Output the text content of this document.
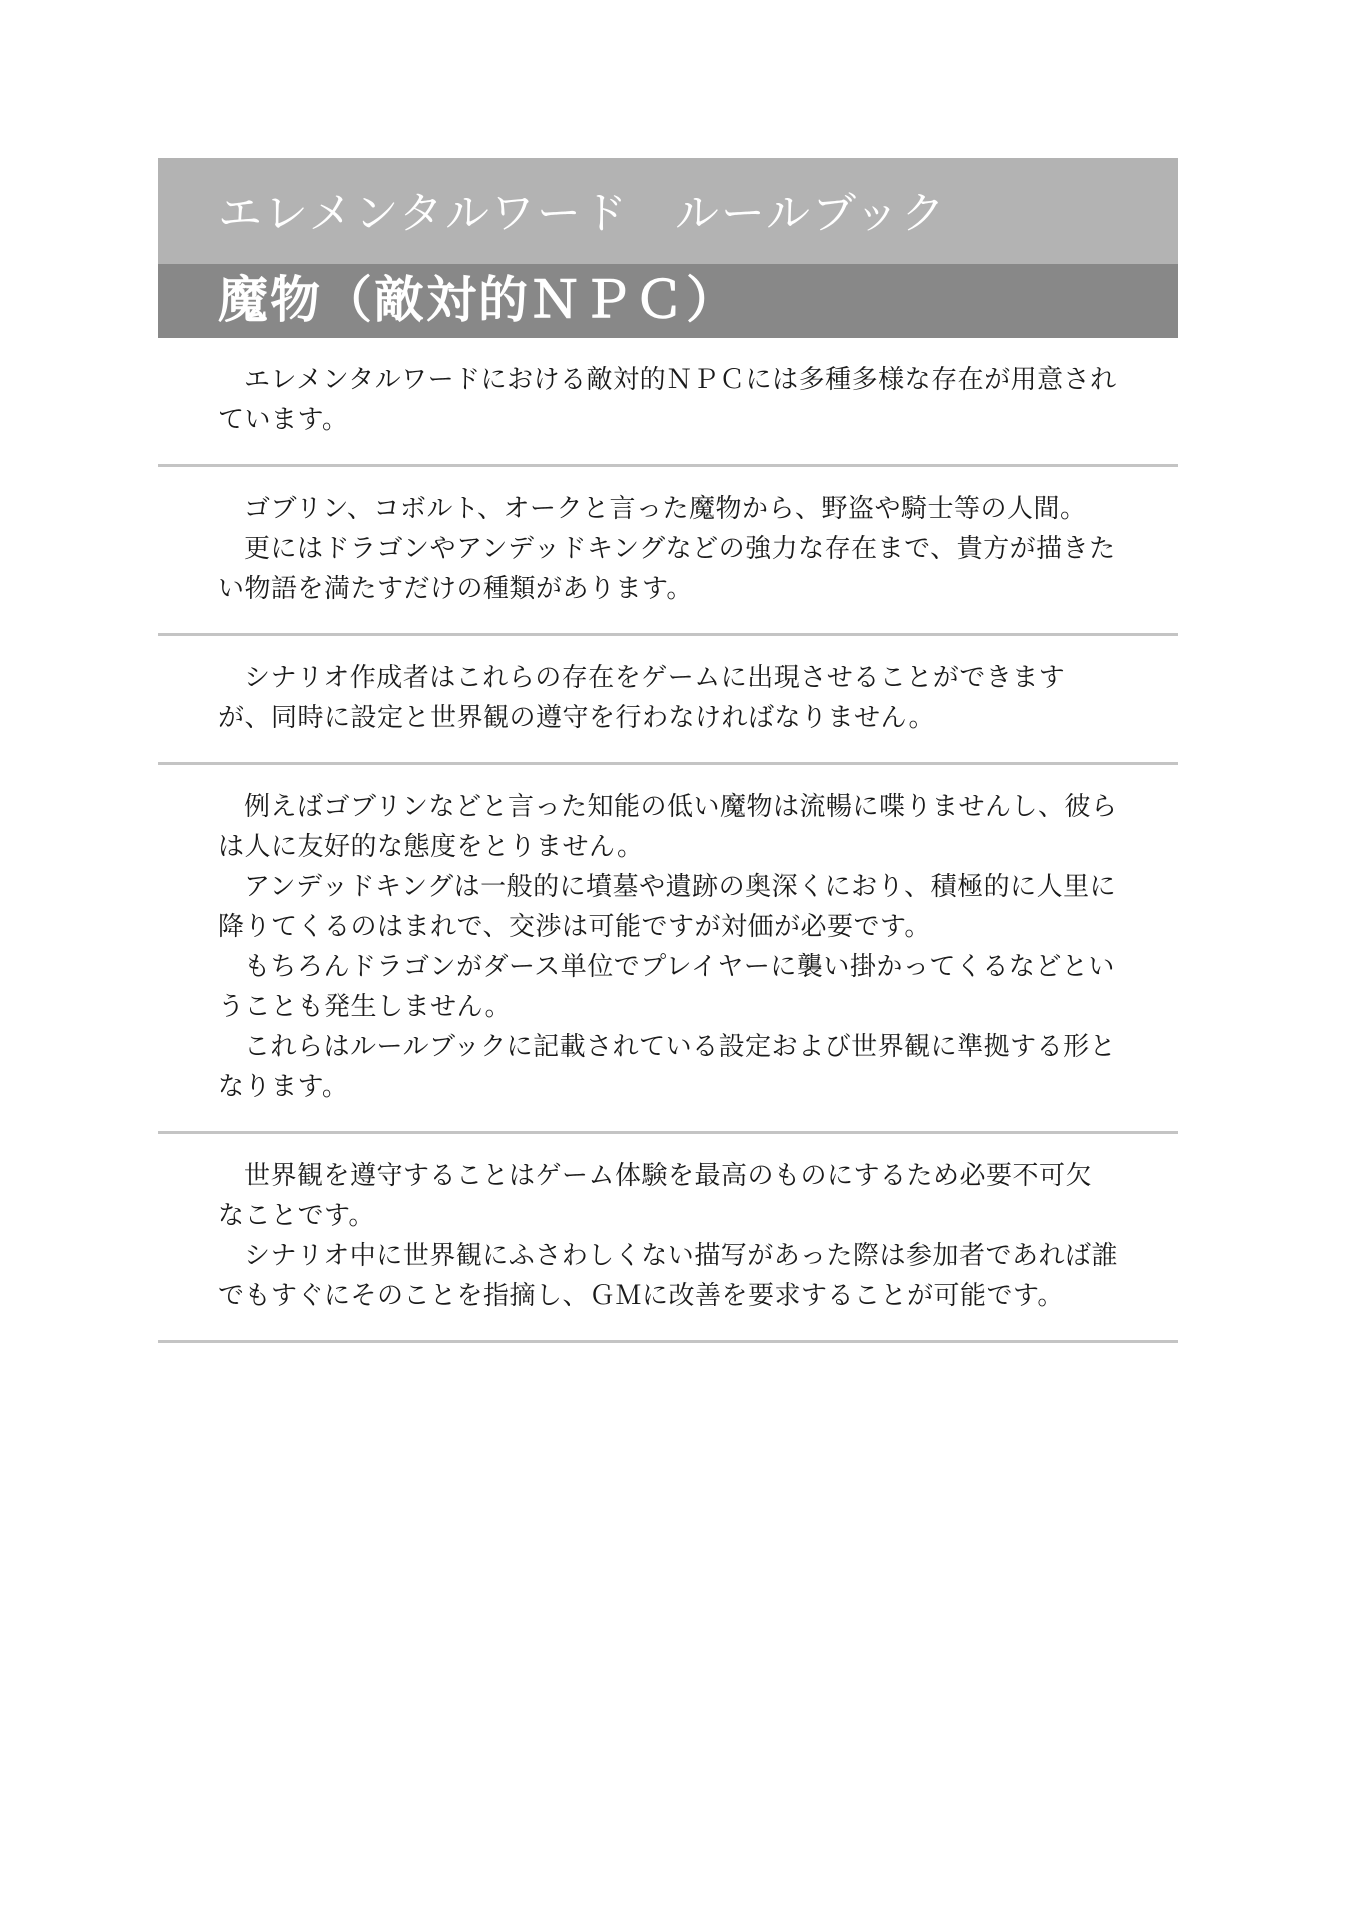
エレメンタルワード　ルールブック
魔物（敵対的ＮＰＣ）

エレメンタルワードにおける敵対的ＮＰＣには多種多様な存在が用意されています。

ゴブリン、コボルト、オークと言った魔物から、野盗や騎士等の人間。

更にはドラゴンやアンデッドキングなどの強力な存在まで、貴方が描きたい物語を満たすだけの種類があります。

シナリオ作成者はこれらの存在をゲームに出現させることができますが、同時に設定と世界観の遵守を行わなければなりません。

例えばゴブリンなどと言った知能の低い魔物は流暢に喋りませんし、彼らは人に友好的な態度をとりません。

アンデッドキングは一般的に墳墓や遺跡の奥深くにおり、積極的に人里に降りてくるのはまれで、交渉は可能ですが対価が必要です。

もちろんドラゴンがダース単位でプレイヤーに襲い掛かってくるなどということも発生しません。

これらはルールブックに記載されている設定および世界観に準拠する形となります。

世界観を遵守することはゲーム体験を最高のものにするため必要不可欠なことです。

シナリオ中に世界観にふさわしくない描写があった際は参加者であれば誰でもすぐにそのことを指摘し、ＧＭに改善を要求することが可能です。
